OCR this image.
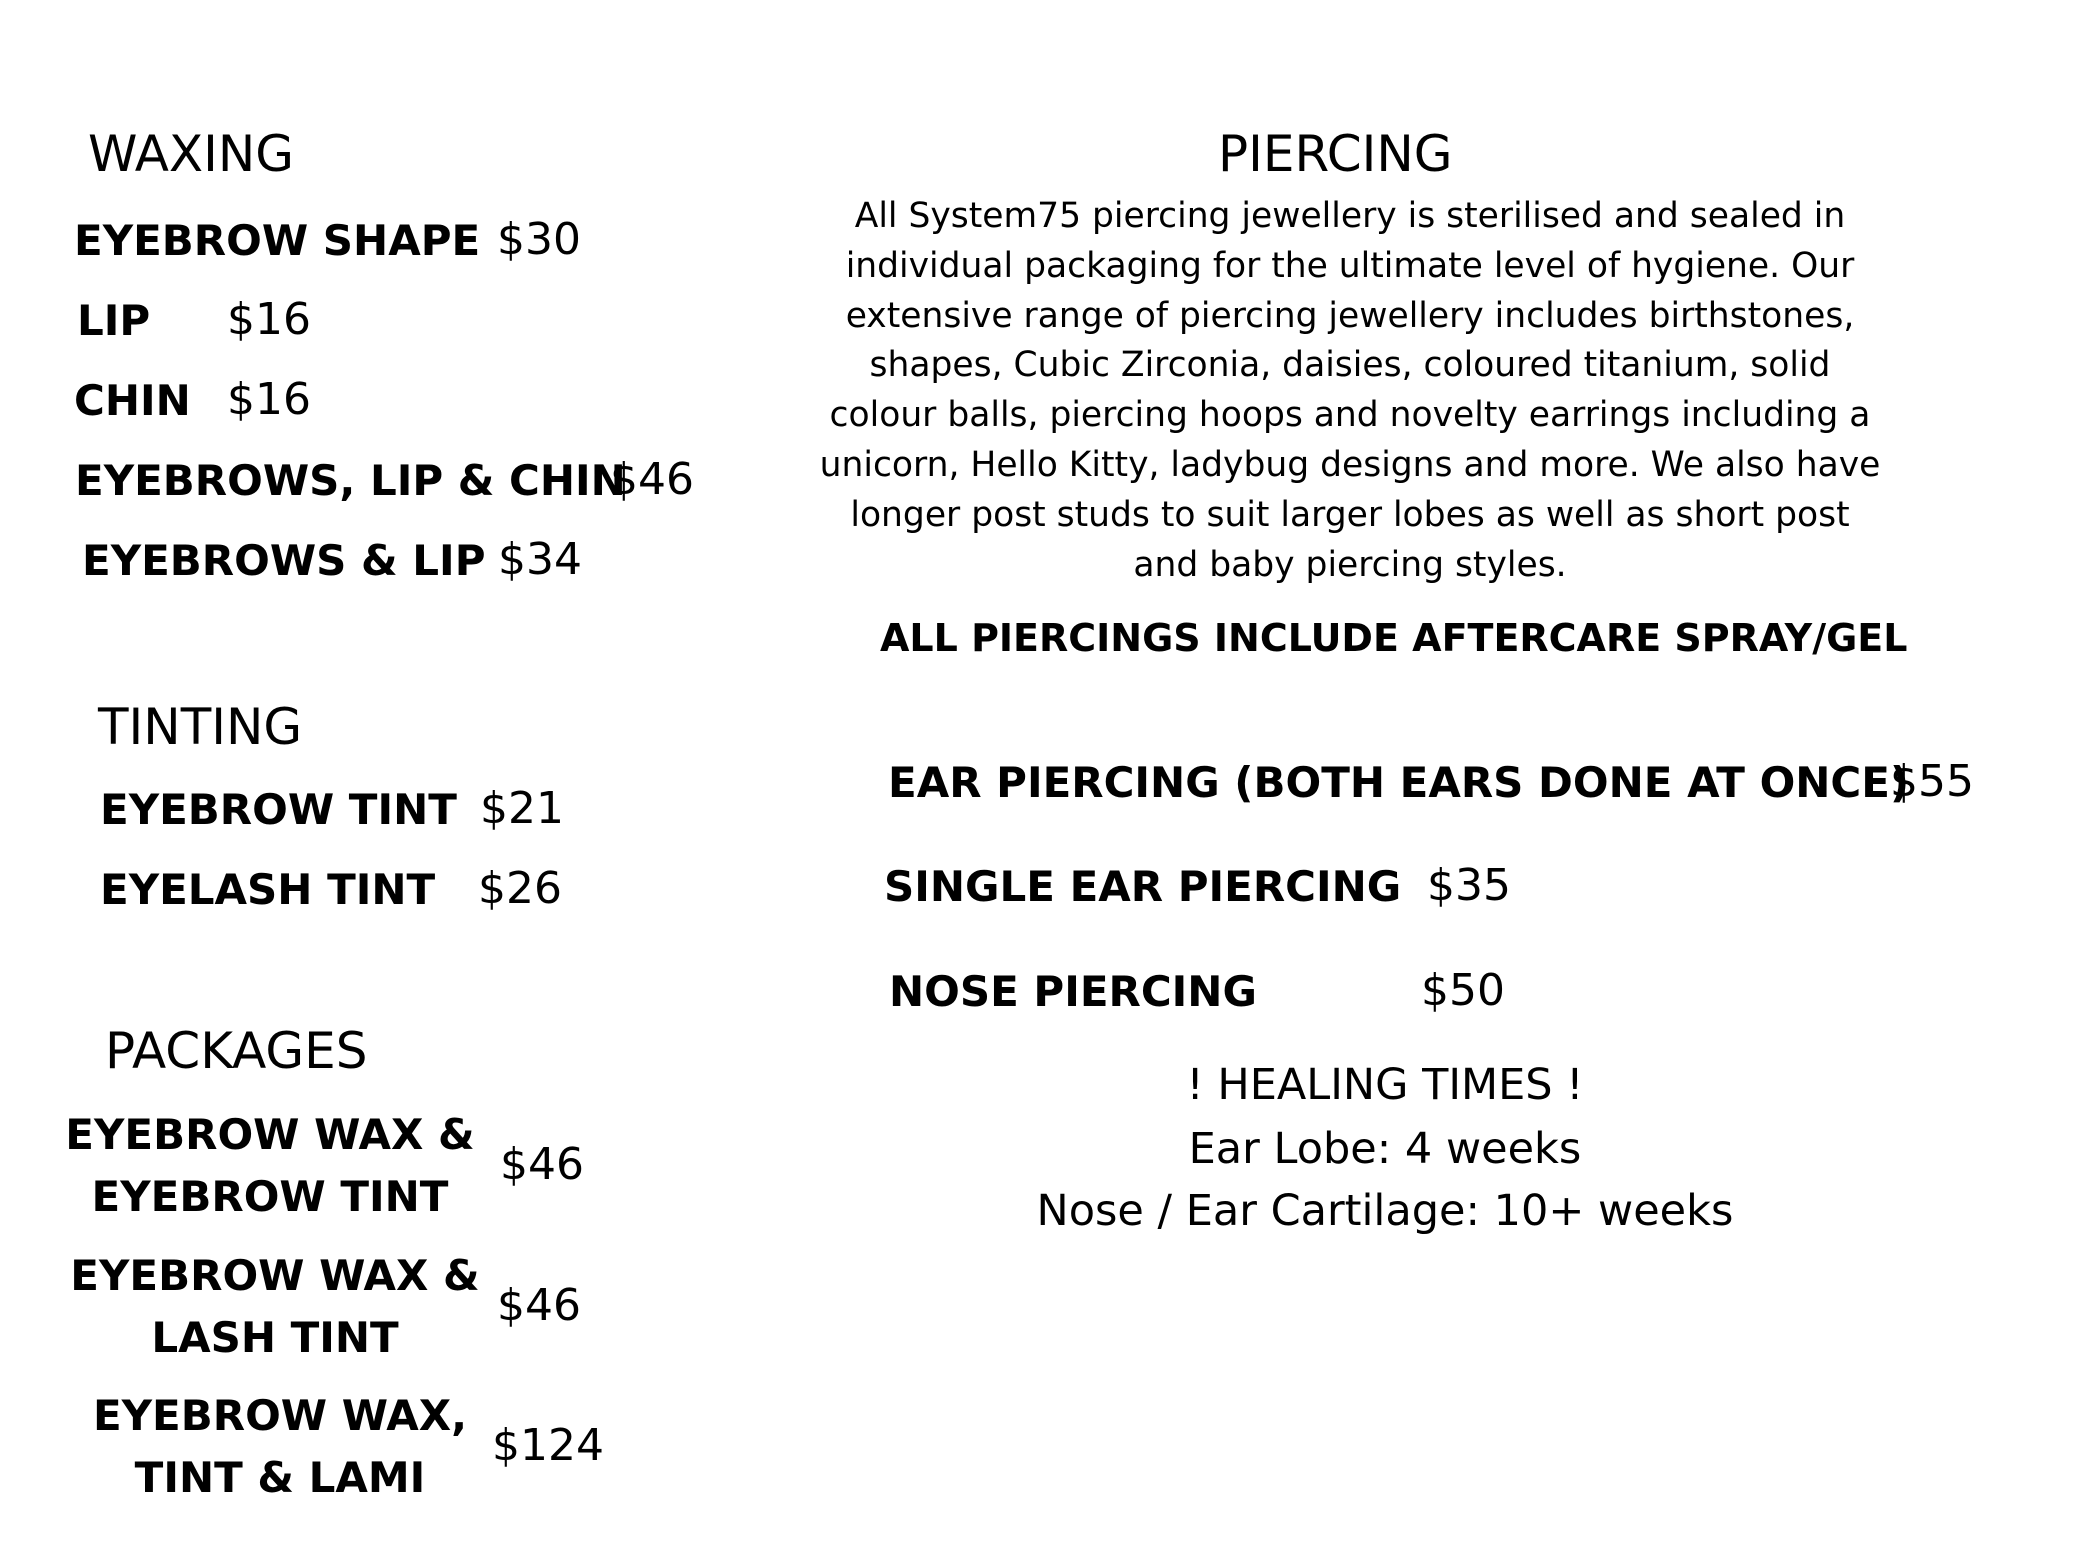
WAXING
EYEBROW SHAPE $30
LIP $16
CHIN $16
EYEBROWS, LIP & CHIN
$46
EYEBROWS & LIP $34
TINTING
EYEBROW TINT $21
EYELASH TINT $26
PACKAGES
EYEBROW WAX &
EYEBROW TINT
$46
EYEBROW WAX &
LASH TINT
$46
EYEBROW WAX,
TINT & LAMI
$124
PIERCING
All System75 piercing jewellery is sterilised and sealed in
individual packaging for the ultimate level of hygiene. Our
extensive range of piercing jewellery includes birthstones,
shapes, Cubic Zirconia, daisies, coloured titanium, solid
colour balls, piercing hoops and novelty earrings including a
unicorn, Hello Kitty, ladybug designs and more. We also have
longer post studs to suit larger lobes as well as short post
and baby piercing styles.
ALL PIERCINGS INCLUDE AFTERCARE SPRAY/GEL
EAR PIERCING (BOTH EARS DONE AT ONCE)
$55
SINGLE EAR PIERCING $35
NOSE PIERCING	$50
! HEALING TIMES !
Ear Lobe: 4 weeks
Nose / Ear Cartilage: 10+ weeks
